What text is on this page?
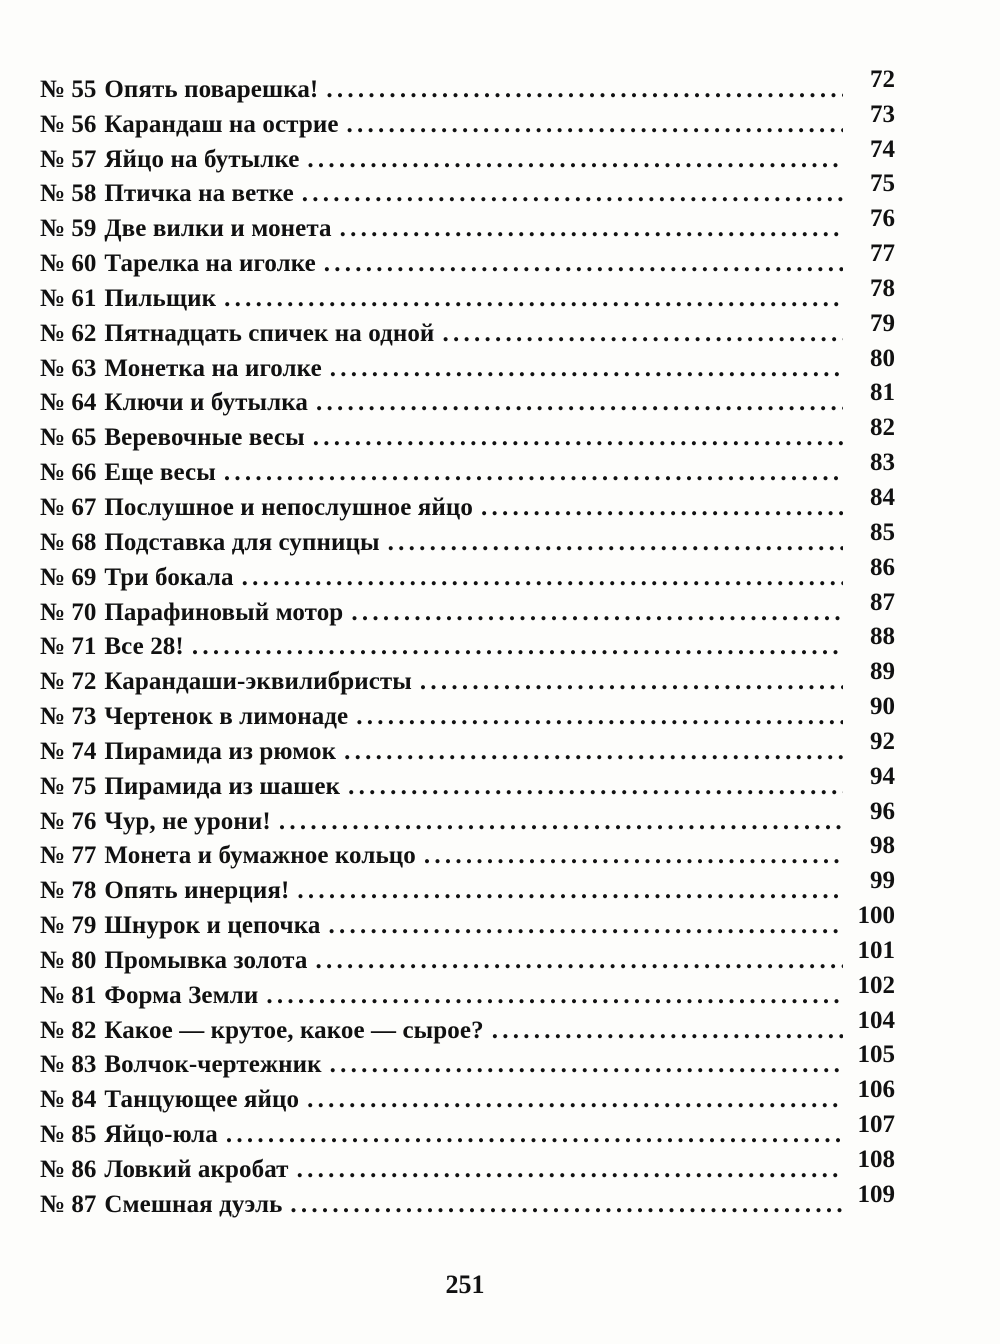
№ 55 Опять поварешка! . . .	72
№ 56 Карандаш на острие . . .	73
№ 57 Яйцо на бутылке . . .	74
№ 58 Птичка на ветке . . .	75
№ 59 Две вилки и монета . . .	76
№ 60 Тарелка на иголке . . .	77
№ 61 Пильщик . . .	78
№ 62 Пятнадцать спичек на одной . . .	79
№ 63 Монетка на иголке . . .	80
№ 64 Ключи и бутылка . . .	81
№ 65 Веревочные весы . . .	82
№ 66 Еще весы . . .	83
№ 67 Послушное и непослушное яйцо . . .	84
№ 68 Подставка для супницы . . .	85
№ 69 Три бокала . . .	86
№ 70 Парафиновый мотор . . .	87
№ 71 Все 28! . . .	88
№ 72 Карандаши-эквилибристы . . .	89
№ 73 Чертенок в лимонаде . . .	90
№ 74 Пирамида из рюмок . . .	92
№ 75 Пирамида из шашек . . .	94
№ 76 Чур, не урони! . . .	96
№ 77 Монета и бумажное кольцо . . .	98
№ 78 Опять инерция! . . .	99
№ 79 Шнурок и цепочка . . .	100
№ 80 Промывка золота . . .	101
№ 81 Форма Земли . . .	102
№ 82 Какое — крутое, какое — сырое? . . .	104
№ 83 Волчок-чертежник . . .	105
№ 84 Танцующее яйцо . . .	106
№ 85 Яйцо-юла . . .	107
№ 86 Ловкий акробат . . .	108
№ 87 Смешная дуэль . . .	109
251
